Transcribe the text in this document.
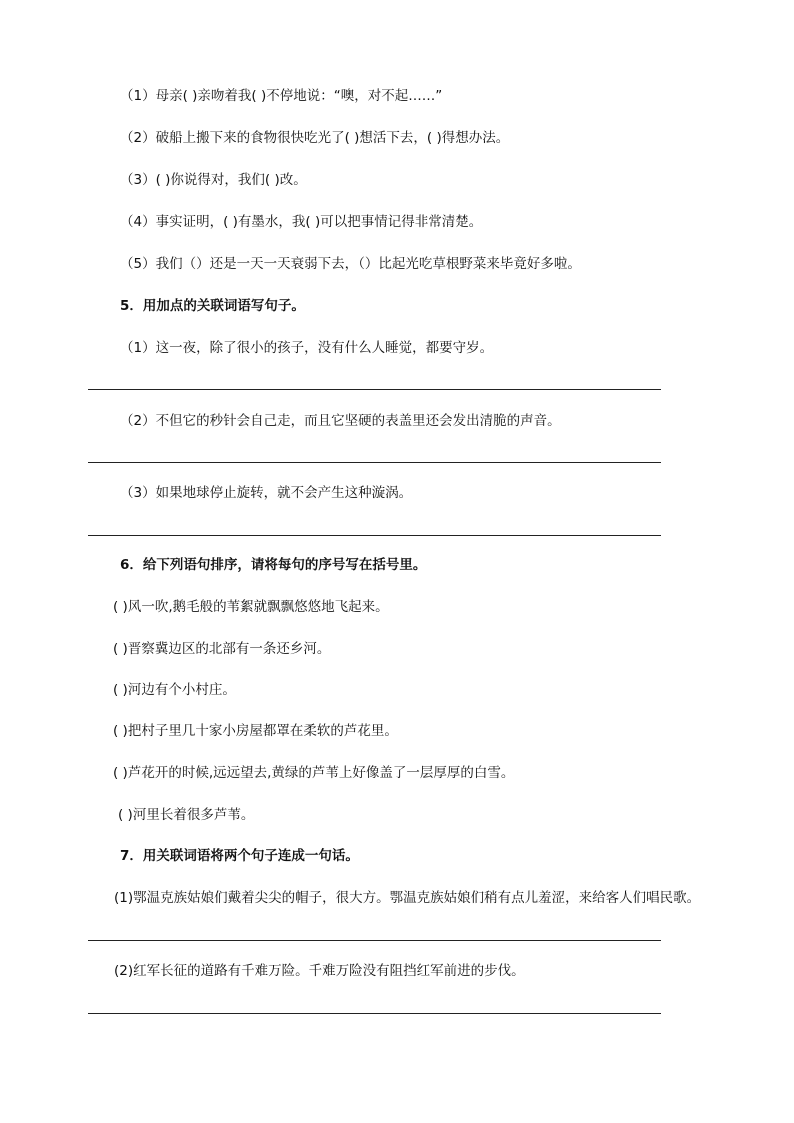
（1）母亲( )亲吻着我( )不停地说：“噢，对不起……”
（2）破船上搬下来的食物很快吃光了( )想活下去，( )得想办法。
（3）( )你说得对，我们( )改。
（4）事实证明，( )有墨水，我( )可以把事情记得非常清楚。
（5）我们（）还是一天一天衰弱下去，（）比起光吃草根野菜来毕竟好多啦。
5．用加点的关联词语写句子。
（1）这一夜，除了很小的孩子，没有什么人睡觉，都要守岁。
（2）不但它的秒针会自己走，而且它坚硬的表盖里还会发出清脆的声音。
（3）如果地球停止旋转，就不会产生这种漩涡。
6．给下列语句排序，请将每句的序号写在括号里。
( )风一吹,鹅毛般的苇絮就飘飘悠悠地飞起来。
( )晋察冀边区的北部有一条还乡河。
( )河边有个小村庄。
( )把村子里几十家小房屋都罩在柔软的芦花里。
( )芦花开的时候,远远望去,黄绿的芦苇上好像盖了一层厚厚的白雪。
( )河里长着很多芦苇。
7．用关联词语将两个句子连成一句话。
(1)鄂温克族姑娘们戴着尖尖的帽子，很大方。鄂温克族姑娘们稍有点儿羞涩，来给客人们唱民歌。
(2)红军长征的道路有千难万险。千难万险没有阻挡红军前进的步伐。
